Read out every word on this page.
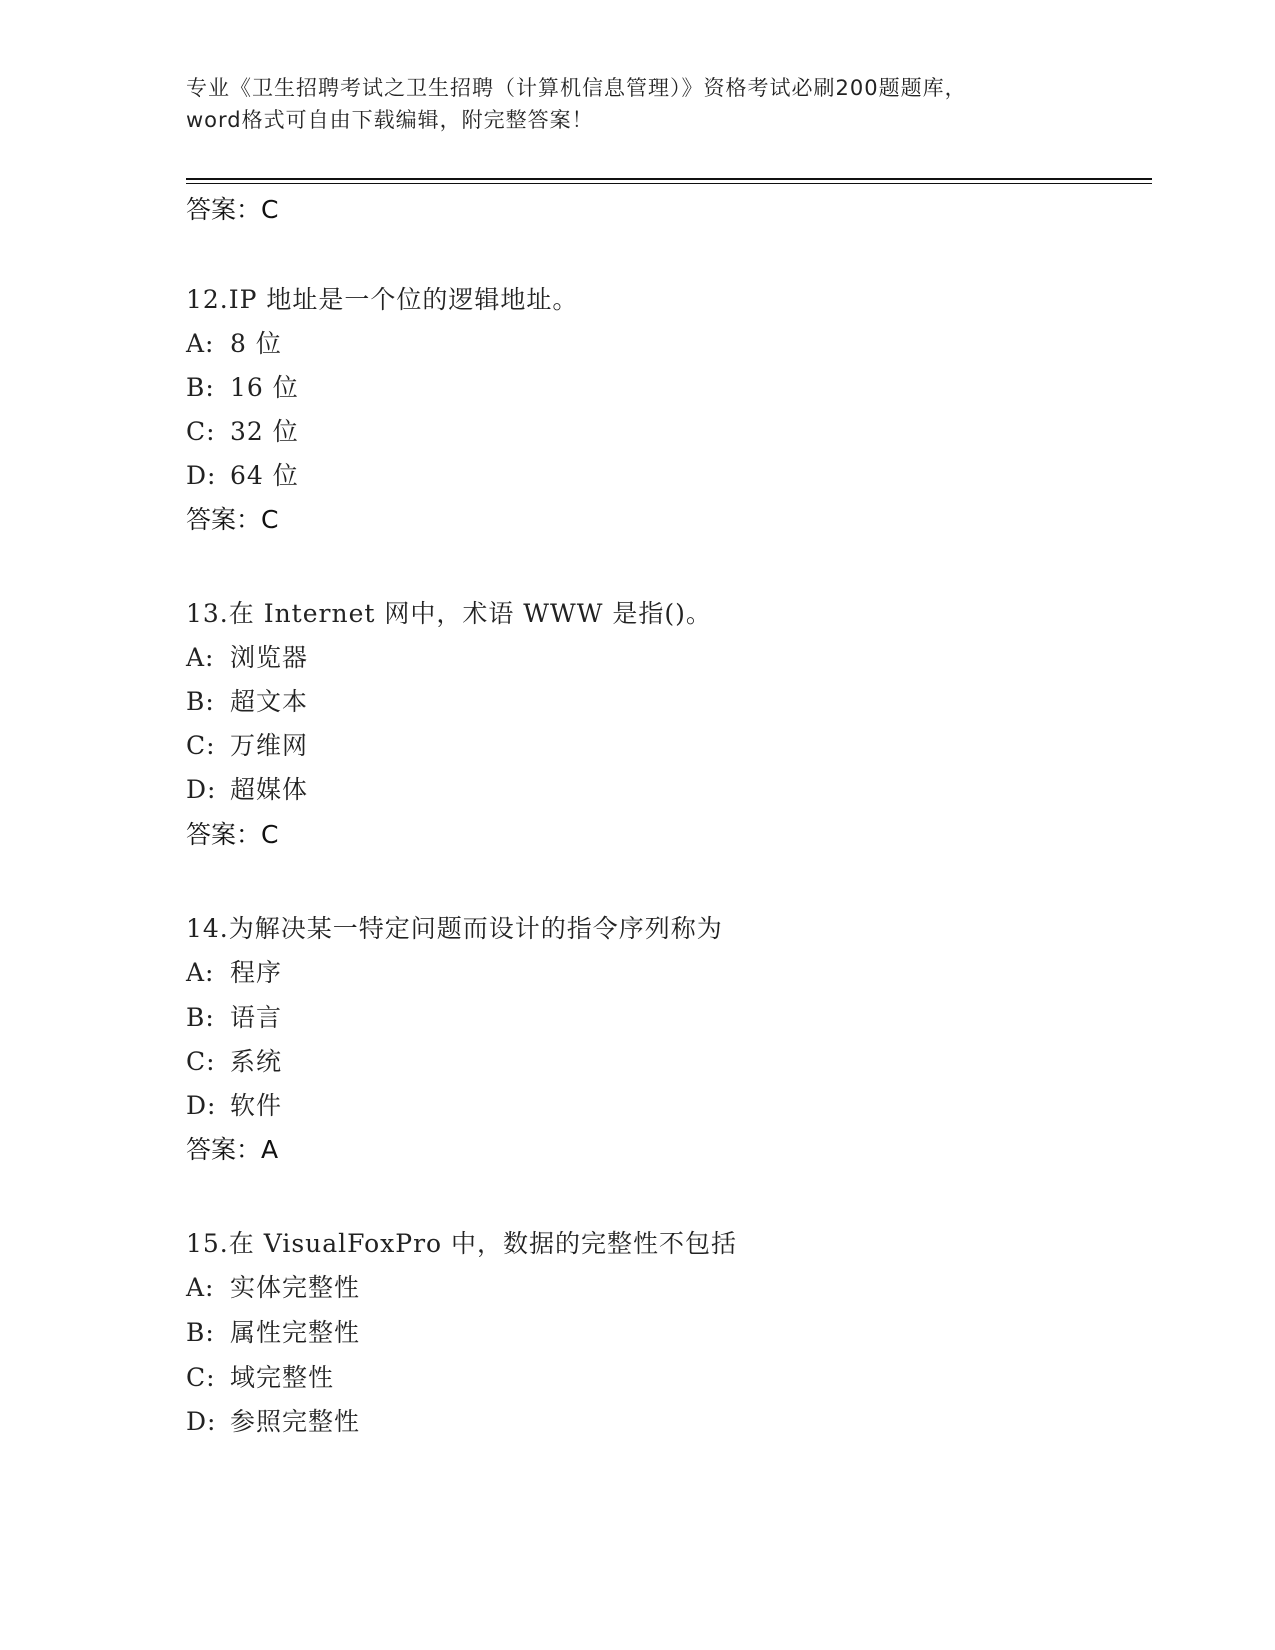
专业《卫生招聘考试之卫生招聘（计算机信息管理）》资格考试必刷200题题库，
word格式可自由下载编辑，附完整答案！
答案：C
12.IP 地址是一个位的逻辑地址。
A: 8 位
B: 16 位
C: 32 位
D: 64 位
答案：C
13.在 Internet 网中，术语 WWW 是指()。
A: 浏览器
B: 超文本
C: 万维网
D: 超媒体
答案：C
14.为解决某一特定问题而设计的指令序列称为
A: 程序
B: 语言
C: 系统
D: 软件
答案：A
15.在 VisualFoxPro 中，数据的完整性不包括
A: 实体完整性
B: 属性完整性
C: 域完整性
D: 参照完整性
